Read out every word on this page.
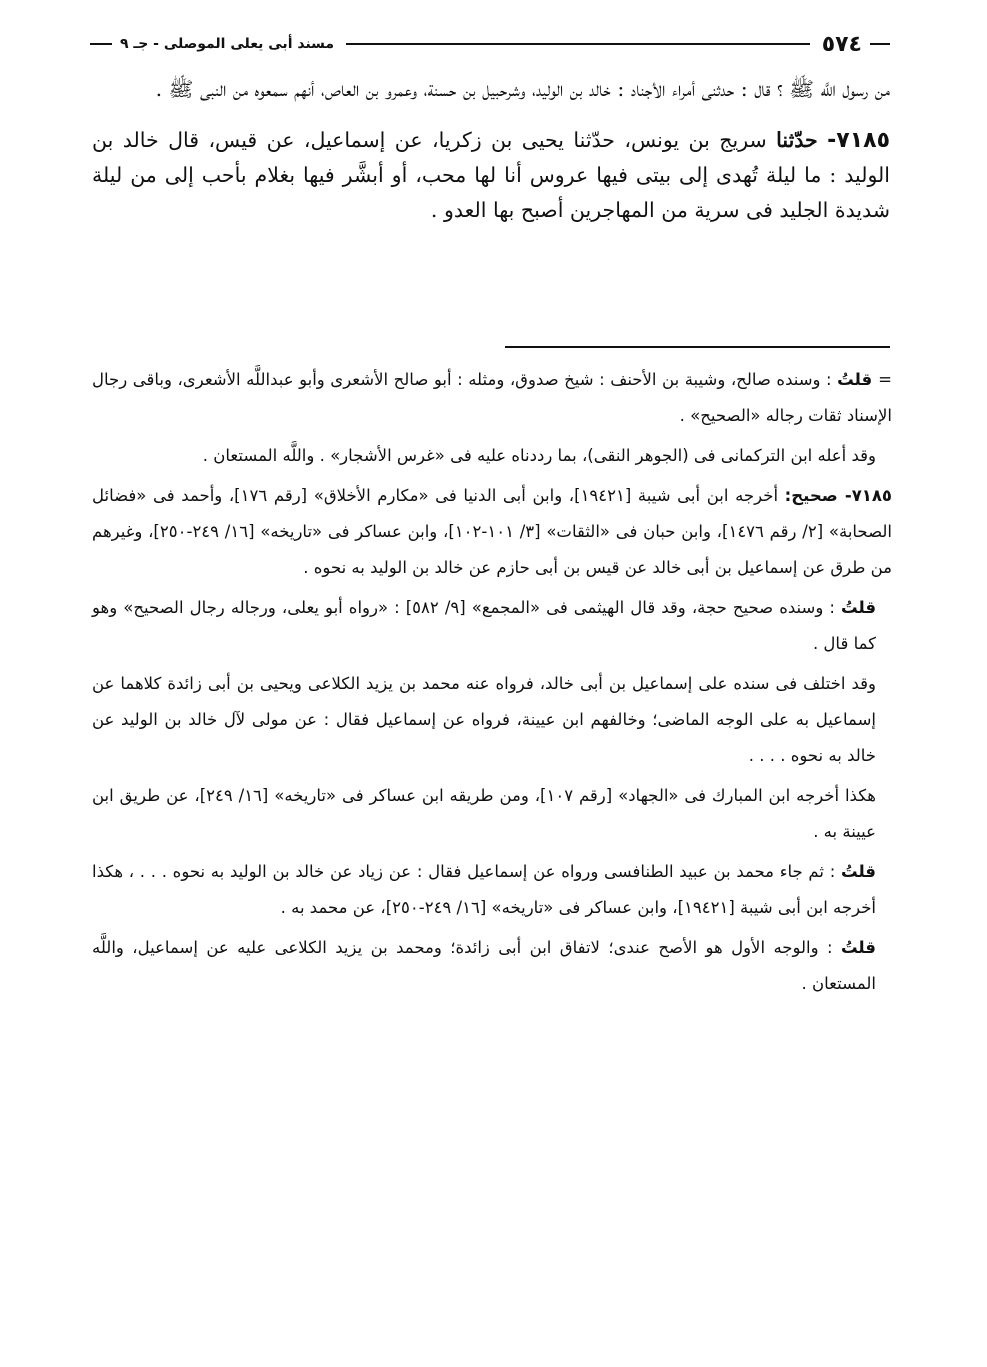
٥٧٤
مسند أبى يعلى الموصلى - جـ ٩

من رسول اللَّه ﷺ ؟ قال : حدثنى أمراء الأجناد : خالد بن الوليد، وشرحبيل بن حسنة، وعمرو بن العاص، أنهم سمعوه من النبى ﷺ .

٧١٨٥- حدّثنا سريج بن يونس، حدّثنا يحيى بن زكريا، عن إسماعيل، عن قيس، قال خالد بن الوليد : ما ليلة تُهدى إلى بيتى فيها عروس أنا لها محب، أو أبشَّر فيها بغلام بأحب إلى من ليلة شديدة الجليد فى سرية من المهاجرين أصبح بها العدو .

=قلتُ : وسنده صالح، وشيبة بن الأحنف : شيخ صدوق، ومثله : أبو صالح الأشعرى وأبو عبداللَّه الأشعرى، وباقى رجال الإسناد ثقات رجاله «الصحيح» .

وقد أعله ابن التركمانى فى (الجوهر النقى)، بما رددناه عليه فى «غرس الأشجار» . واللَّه المستعان .

٧١٨٥- صحيح: أخرجه ابن أبى شيبة [١٩٤٢١]، وابن أبى الدنيا فى «مكارم الأخلاق» [رقم ١٧٦]، وأحمد فى «فضائل الصحابة» [٢/ رقم ١٤٧٦]، وابن حبان فى «الثقات» [٣/ ١٠١-١٠٢]، وابن عساكر فى «تاريخه» [١٦/ ٢٤٩-٢٥٠]، وغيرهم من طرق عن إسماعيل بن أبى خالد عن قيس بن أبى حازم عن خالد بن الوليد به نحوه .

قلتُ : وسنده صحيح حجة، وقد قال الهيثمى فى «المجمع» [٩/ ٥٨٢] : «رواه أبو يعلى، ورجاله رجال الصحيح» وهو كما قال .

وقد اختلف فى سنده على إسماعيل بن أبى خالد، فرواه عنه محمد بن يزيد الكلاعى ويحيى بن أبى زائدة كلاهما عن إسماعيل به على الوجه الماضى؛ وخالفهم ابن عيينة، فرواه عن إسماعيل فقال : عن مولى لآل خالد بن الوليد عن خالد به نحوه . . . .

هكذا أخرجه ابن المبارك فى «الجهاد» [رقم ١٠٧]، ومن طريقه ابن عساكر فى «تاريخه» [١٦/ ٢٤٩]، عن طريق ابن عيينة به .

قلتُ : ثم جاء محمد بن عبيد الطنافسى ورواه عن إسماعيل فقال : عن زياد عن خالد بن الوليد به نحوه . . . ، هكذا أخرجه ابن أبى شيبة [١٩٤٢١]، وابن عساكر فى «تاريخه» [١٦/ ٢٤٩-٢٥٠]، عن محمد به .

قلتُ : والوجه الأول هو الأصح عندى؛ لاتفاق ابن أبى زائدة؛ ومحمد بن يزيد الكلاعى عليه عن إسماعيل، واللَّه المستعان .
